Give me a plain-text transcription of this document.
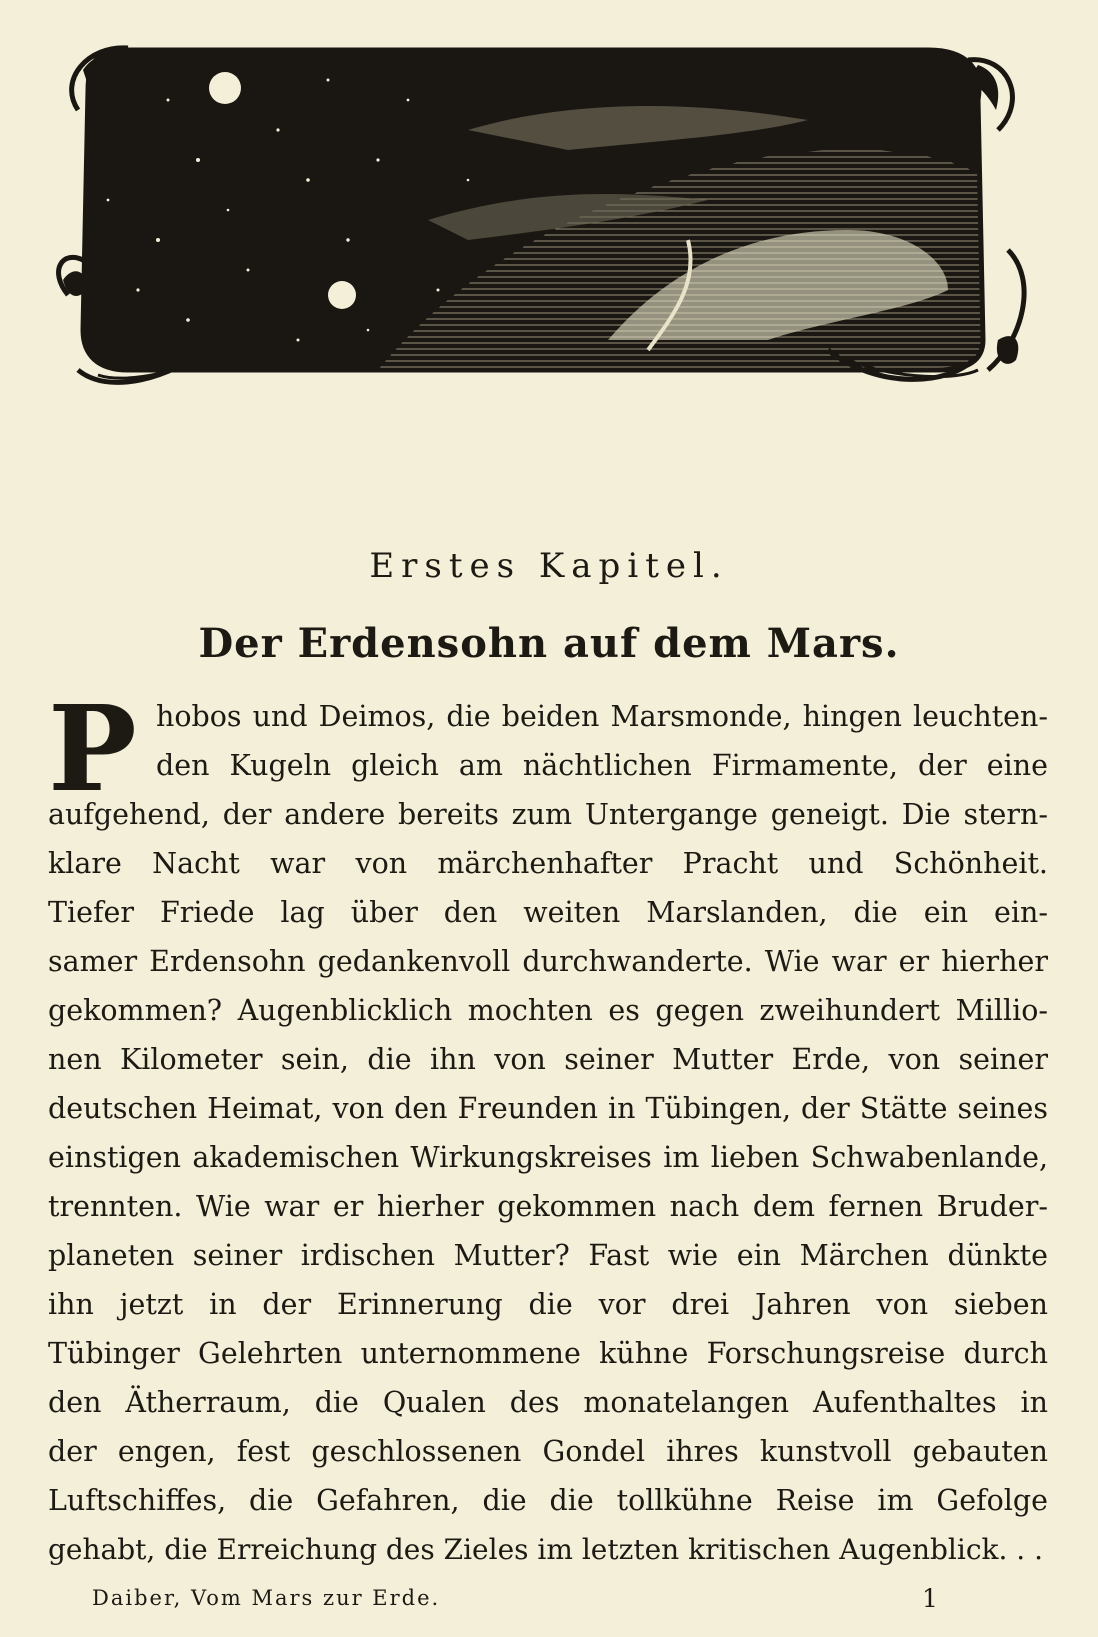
Erstes Kapitel.
Der Erdensohn auf dem Mars.
P hobos und Deimos, die beiden Marsmonde, hingen leuchten-
den Kugeln gleich am nächtlichen Firmamente, der eine
aufgehend, der andere bereits zum Untergange geneigt. Die stern-
klare Nacht war von märchenhafter Pracht und Schönheit.
Tiefer Friede lag über den weiten Marslanden, die ein ein-
samer Erdensohn gedankenvoll durchwanderte. Wie war er hierher
gekommen? Augenblicklich mochten es gegen zweihundert Millio-
nen Kilometer sein, die ihn von seiner Mutter Erde, von seiner
deutschen Heimat, von den Freunden in Tübingen, der Stätte seines
einstigen akademischen Wirkungskreises im lieben Schwabenlande,
trennten. Wie war er hierher gekommen nach dem fernen Bruder-
planeten seiner irdischen Mutter? Fast wie ein Märchen dünkte
ihn jetzt in der Erinnerung die vor drei Jahren von sieben
Tübinger Gelehrten unternommene kühne Forschungsreise durch
den Ätherraum, die Qualen des monatelangen Aufenthaltes in
der engen, fest geschlossenen Gondel ihres kunstvoll gebauten
Luftschiffes, die Gefahren, die die tollkühne Reise im Gefolge
gehabt, die Erreichung des Zieles im letzten kritischen Augenblick. . .
Daiber, Vom Mars zur Erde.	1
